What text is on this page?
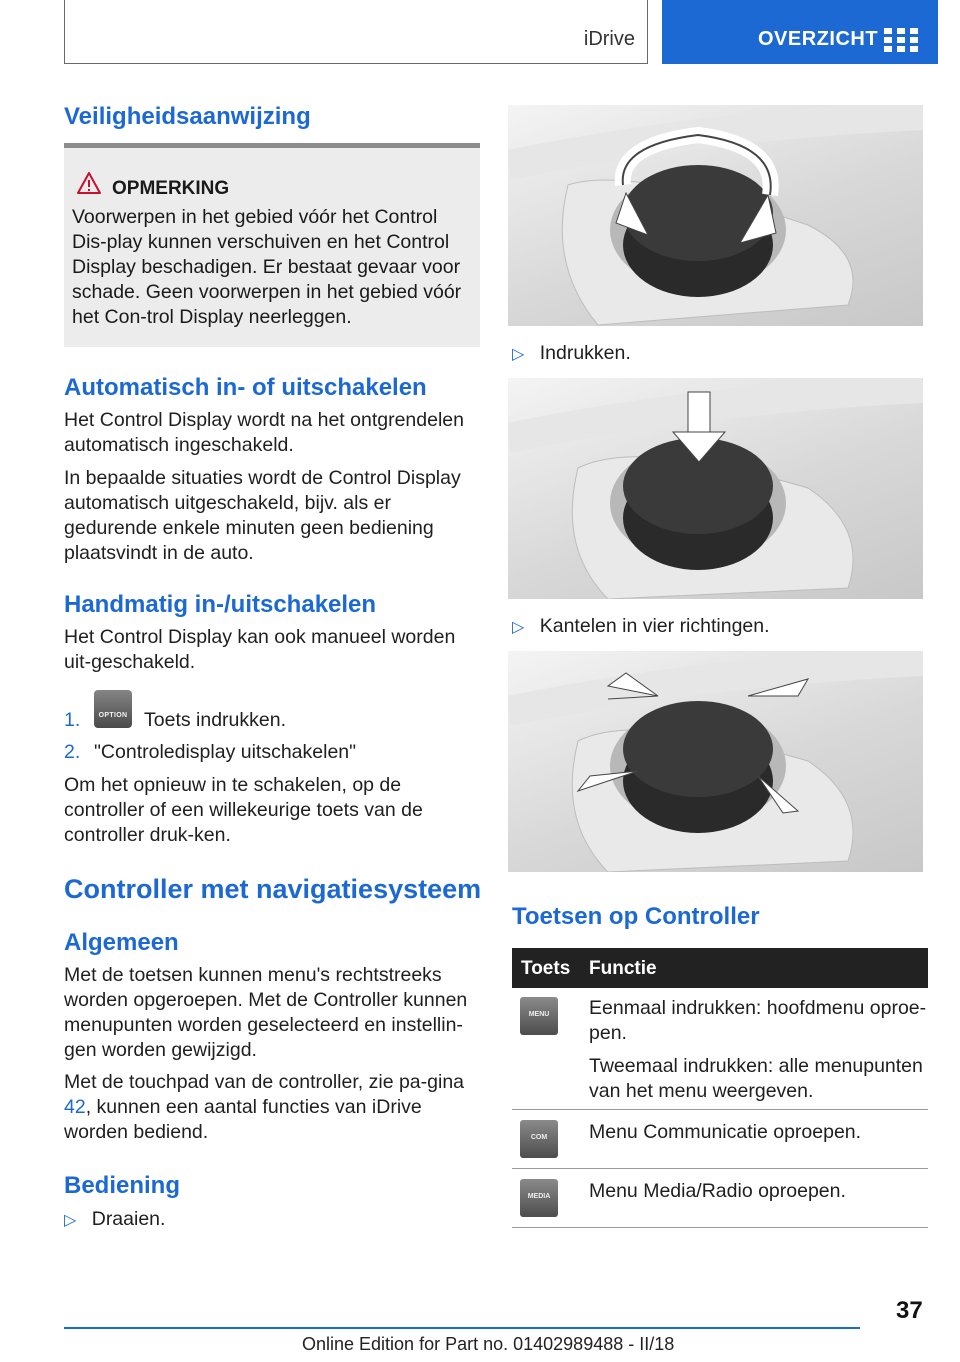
iDrive	OVERZICHT
Veiligheidsaanwijzing
OPMERKING
Voorwerpen in het gebied vóór het Control Dis-play kunnen verschuiven en het Control Display beschadigen. Er bestaat gevaar voor schade. Geen voorwerpen in het gebied vóór het Con-trol Display neerleggen.
Automatisch in- of uitschakelen
Het Control Display wordt na het ontgrendelen automatisch ingeschakeld.
In bepaalde situaties wordt de Control Display automatisch uitgeschakeld, bijv. als er gedurende enkele minuten geen bediening plaatsvindt in de auto.
Handmatig in-/uitschakelen
Het Control Display kan ook manueel worden uit-geschakeld.
1.	OPTION Toets indrukken.
2. "Controledisplay uitschakelen"
Om het opnieuw in te schakelen, op de controller of een willekeurige toets van de controller druk-ken.
Controller met navigatiesysteem
Algemeen
Met de toetsen kunnen menu's rechtstreeks worden opgeroepen. Met de Controller kunnen menupunten worden geselecteerd en instellin-gen worden gewijzigd.
Met de touchpad van de controller, zie pa-gina 42, kunnen een aantal functies van iDrive worden bediend.
Bediening
▷ Draaien.
▷ Indrukken.
▷ Kantelen in vier richtingen.
Toetsen op Controller
Toets Functie
MENU	Eenmaal indrukken: hoofdmenu oproe-pen.
Tweemaal indrukken: alle menupunten van het menu weergeven.
COM	Menu Communicatie oproepen.
MEDIA	Menu Media/Radio oproepen.
37
Online Edition for Part no. 01402989488 - II/18
